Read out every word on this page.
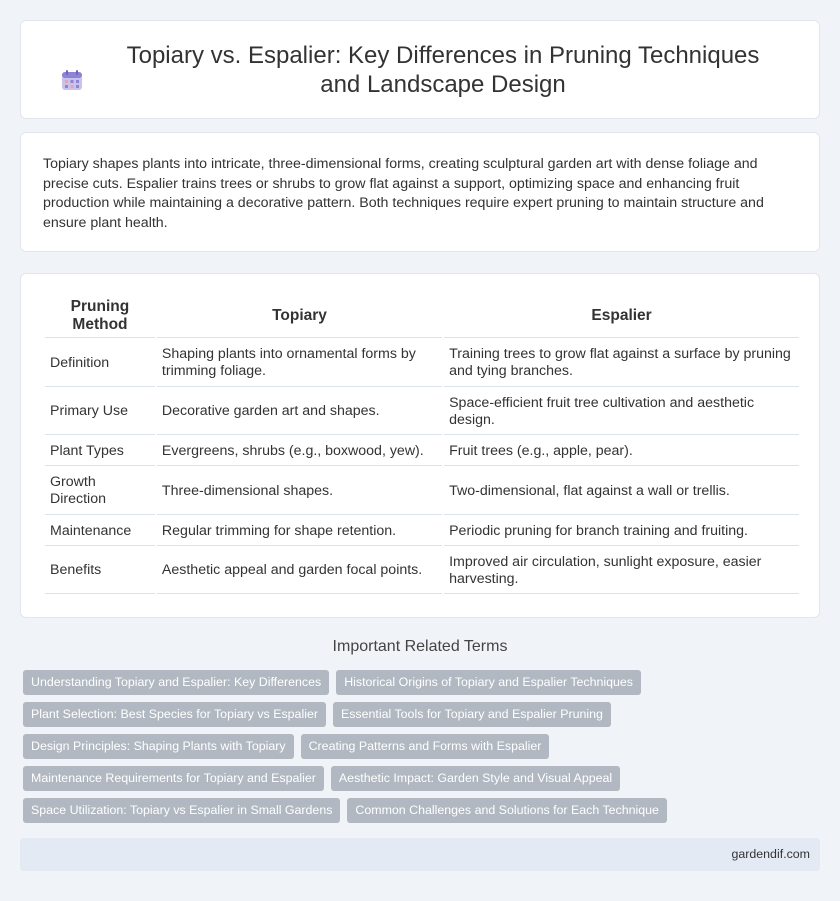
Topiary vs. Espalier: Key Differences in Pruning Techniques and Landscape Design

Topiary shapes plants into intricate, three-dimensional forms, creating sculptural garden art with dense foliage and precise cuts. Espalier trains trees or shrubs to grow flat against a support, optimizing space and enhancing fruit production while maintaining a decorative pattern. Both techniques require expert pruning to maintain structure and ensure plant health.

Pruning Method	Topiary	Espalier
Definition	Shaping plants into ornamental forms by trimming foliage.	Training trees to grow flat against a surface by pruning and tying branches.
Primary Use	Decorative garden art and shapes.	Space-efficient fruit tree cultivation and aesthetic design.
Plant Types	Evergreens, shrubs (e.g., boxwood, yew).	Fruit trees (e.g., apple, pear).
Growth Direction	Three-dimensional shapes.	Two-dimensional, flat against a wall or trellis.
Maintenance	Regular trimming for shape retention.	Periodic pruning for branch training and fruiting.
Benefits	Aesthetic appeal and garden focal points.	Improved air circulation, sunlight exposure, easier harvesting.
Important Related Terms
Understanding Topiary and Espalier: Key Differences	Historical Origins of Topiary and Espalier Techniques
Plant Selection: Best Species for Topiary vs Espalier	Essential Tools for Topiary and Espalier Pruning
Design Principles: Shaping Plants with Topiary	Creating Patterns and Forms with Espalier
Maintenance Requirements for Topiary and Espalier	Aesthetic Impact: Garden Style and Visual Appeal
Space Utilization: Topiary vs Espalier in Small Gardens	Common Challenges and Solutions for Each Technique
gardendif.com
